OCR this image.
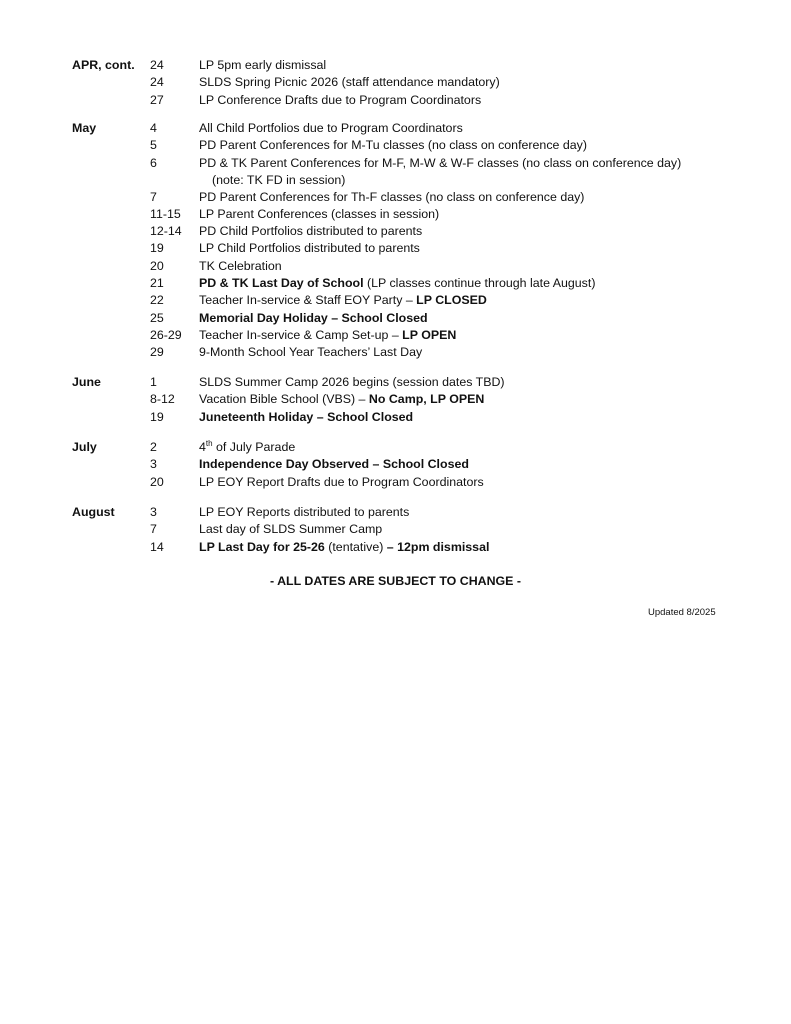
APR, cont. 24	LP 5pm early dismissal
24	SLDS Spring Picnic 2026 (staff attendance mandatory)
27	LP Conference Drafts due to Program Coordinators
May	4	All Child Portfolios due to Program Coordinators
5	PD Parent Conferences for M-Tu classes (no class on conference day)
6	PD & TK Parent Conferences for M-F, M-W & W-F classes (no class on conference day)
(note: TK FD in session)
7	PD Parent Conferences for Th-F classes (no class on conference day)
11-15 LP Parent Conferences (classes in session)
12-14 PD Child Portfolios distributed to parents
19	LP Child Portfolios distributed to parents
20	TK Celebration
21	PD & TK Last Day of School (LP classes continue through late August)
22	Teacher In-service & Staff EOY Party – LP CLOSED
25	Memorial Day Holiday – School Closed
26-29 Teacher In-service & Camp Set-up – LP OPEN
29	9-Month School Year Teachers’ Last Day
June	1	SLDS Summer Camp 2026 begins (session dates TBD)
8-12 Vacation Bible School (VBS) – No Camp, LP OPEN
19	Juneteenth Holiday – School Closed
July	2	4th of July Parade
3	Independence Day Observed – School Closed
20	LP EOY Report Drafts due to Program Coordinators
August	3	LP EOY Reports distributed to parents
7	Last day of SLDS Summer Camp
14	LP Last Day for 25-26 (tentative) – 12pm dismissal
- ALL DATES ARE SUBJECT TO CHANGE -
Updated 8/2025
